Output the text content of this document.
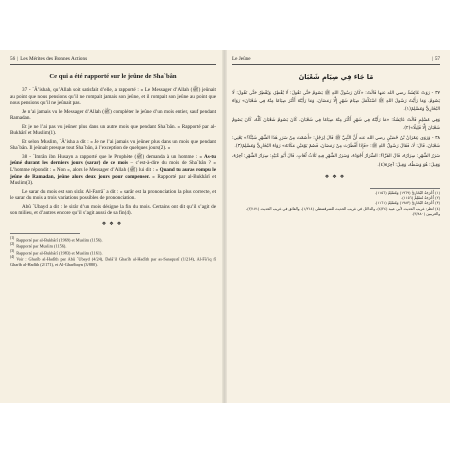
56 | Les Mérites des Bonnes Actions
Ce qui a été rapporté sur le jeûne de Sha`bân

37 - `Â’ishah, qu’Allah soit satisfait d’elle, a rapporté : « Le Messager d’Allah (ﷺ) jeûnait au point que nous pensions qu’il ne rompait jamais son jeûne, et il rompait son jeûne au point que nous pensions qu’il ne jeûnait pas.

Je n’ai jamais vu le Messager d’Allah (ﷺ) compléter le jeûne d’un mois entier, sauf pendant Ramadan.

Et je ne l’ai pas vu jeûner plus dans un autre mois que pendant Sha`bân. » Rapporté par al-Bukhârî et Muslim(1).

Et selon Muslim, `Â’isha a dit : « Je ne l’ai jamais vu jeûner plus dans un mois que pendant Sha`bân. Il jeûnait presque tout Sha`bân, à l’exception de quelques jours(2). »

38 - `Imrân ibn Husayn a rapporté que le Prophète (ﷺ) demanda à un homme : « As-tu jeûné durant les derniers jours (sarar) de ce mois – c’est-à-dire du mois de Sha`bân ? » L’homme répondit : « Non », alors le Messager d’Allah (ﷺ) lui dit : « Quand tu auras rompu le jeûne de Ramadan, jeûne alors deux jours pour compenser. » Rapporté par al-Bukhârî et Muslim(3).

Le sarar du mois est son sirâr. Al-Farrâ` a dit : « sarâr est la prononciation la plus correcte, et le sarar du mois a trois variations possibles de prononciation.

Abû `Ubayd a dit : le sirâr d’un mois désigne la fin du mois. Certains ont dit qu’il s’agit de son milieu, et d’autres encore qu’il s’agit aussi de sa fin(4).

❖❖❖

$^{(1)}$ Rapporté par al-Bukhârî (1969) et Muslim (1156).

$^{(2)}$ Rapporté par Muslim (1156).

$^{(3)}$ Rapporté par al-Bukhârî (1983) et Muslim (1161).

$^{(4)}$ Voir : Gharîb al-Hadîth par Abû `Ubayd (4/24), Dalâ’il Gharîb al-Hadîth par as-Saraqustî (1/214), Al-Fâ’iq fî Gharîb al-Hadîth (2/171), et Al-Gharîbayn (3/880).

Le Jeûne	| 57
مَا جَاءَ فِي صِيَامِ شَعْبَانَ

٣٧ - رَوَتْ عَائِشَةُ رضي الله عنها قَالَتْ: «كَانَ رَسُولُ اللهِ ﷺ يَصُومُ حَتَّى نَقُولَ: لَا يُفْطِرُ، وَيُفْطِرُ حَتَّى نَقُولَ: لَا يَصُومُ. وَمَا رَأَيْتُ رَسُولَ اللهِ ﷺ اسْتَكْمَلَ صِيَامَ شَهْرٍ إِلَّا رَمَضَانَ، وَمَا رَأَيْتُهُ أَكْثَرَ صِيَامًا مِنْهُ فِي شَعْبَانَ» رَوَاهُ البُخَارِيُّ وَمُسْلِمٌ(١).

وَفِي مُسْلِمٍ قَالَتْ عَائِشَةُ: «مَا رَأَيْتُهُ فِي شَهْرٍ أَكْثَرَ مِنْهُ صِيَامًا فِي شَعْبَانَ، كَانَ يَصُومُ شَعْبَانَ كُلَّهُ، كَانَ يَصُومُ شَعْبَانَ إِلَّا قَلِيلًا»(٢).

٣٨ - وَرَوَى عِمْرَانُ بْنُ حُصَيْنٍ رضي الله عنه أَنَّ النَّبِيَّ ﷺ قَالَ لِرَجُلٍ: «أَصُمْتَ مِنْ سَرَرِ هَذَا الشَّهْرِ شَيْئًا؟» يَعْنِي: شَعْبَانَ، قَالَ: لَا، فَقَالَ رَسُولُ اللهِ ﷺ: «فَإِذَا أَفْطَرْتَ مِنْ رَمَضَانَ، فَصُمْ يَوْمَيْنِ مَكَانَهُ» رَوَاهُ البُخَارِيُّ وَمُسْلِمٌ(٣).

سَرَرُ الشَّهْرِ: سِرَارُهُ، قَالَ الفَرَّاءُ: السِّرَارُ أَجْوَدُهُ، وَسَرَرُ الشَّهْرِ فِيهِ ثَلَاثُ لُغَاتٍ. قَالَ أَبُو عُبَيْدٍ: سِرَارُ الشَّهْرِ: آخِرُهُ، وَقِيلَ: هُوَ وَسَطُهُ، وَقِيلَ: آخِرُهُ(٤).

❖❖❖

(١) أَخْرَجَهُ البُخَارِيُّ (١٩٦٩) وَمُسْلِمٌ (١١٥٦).

(٢) أَخْرَجَهُ مُسْلِمٌ (١١٥٦).

(٣) أَخْرَجَهُ البُخَارِيُّ (١٩٨٣) وَمُسْلِمٌ (١١٦١).

(٤) انظر: غريب الحديث لأبي عبيد (٤/٢٤)، والدلائل في غريب الحديث للسرقسطي (١/٢١٤)، والفائق في غريب الحديث (٢/١٧١)، والغريبين (٣/٨٨٠).
